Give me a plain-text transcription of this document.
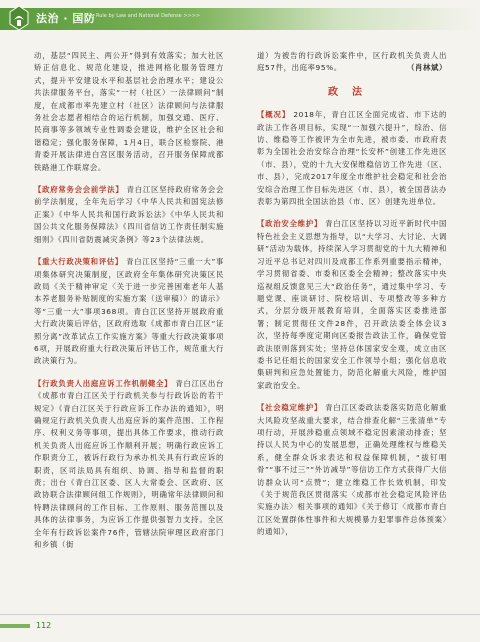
法治 · 国防 Rule by Law and National Defense >>>>

动，基层“四民主、两公开”得到有效落实；加大社区矫正信息化、规范化建设，推进网格化服务管理方式，提升平安建设水平和基层社会治理水平；建设公共法律服务平台，落实“一村（社区）一法律顾问”制度，在成都市率先建立村（社区）法律顾问与法律服务社会志愿者相结合的运行机制，加强交通、医疗、民商事等多领域专业性调委会建设，维护全区社会和谐稳定；强化服务保障，1月4日，联合区检察院、港青委开展法律进白宫区服务活动，召开服务保障成都铁路港工作联席会。

【 政府常务会会前学法 】 青白江区坚持政府常务会会前学法制度，全年先后学习《中华人民共和国宪法修正案》《中华人民共和国行政诉讼法》《中华人民共和国公共文化服务保障法》《四川省信访工作责任制实施细则》《四川省防震减灾条例》等23个法律法规。

【 重大行政决策和评估 】 青白江区坚持“三重一大”事项集体研究决策制度，区政府全年集体研究决策区民政局《关于精神审定〈关于进一步完善困难老年人基本养老服务补贴制度的实施方案（送审稿）〉的请示》等“三重一大”事项368项。青白江区坚持开展政府重大行政决策后评估，区政府选取《成都市青白江区“证照分离”改革试点工作实施方案》等重大行政决策事项6项，开展政府重大行政决策后评估工作，规范重大行政决策行为。

【 行政负责人出庭应诉工作机制健全 】 青白江区出台《成都市青白江区关于行政机关参与行政诉讼的若干规定》《青白江区关于行政应诉工作办法的通知》，明确规定行政机关负责人出庭应诉的案件范围、工作程序、权利义务等事项，提出具体工作要求，推动行政机关负责人出庭应诉工作顺利开展；明确行政应诉工作职责分工，被诉行政行为承办机关具有行政应诉的职责，区司法局具有组织、协调、指导和监督的职责；出台《青白江区委、区人大常委会、区政府、区政协联合法律顾问组工作规则》，明确常年法律顾问和特聘法律顾问的工作目标、工作原则、服务范围以及具体的法律事务，为应诉工作提供强智力支持。全区全年有行政诉讼案件76件，管辖法院审理区政府部门和乡镇（街

道）为被告的行政诉讼案件中，区行政机关负责人出庭57件，出庭率95%。	（肖林斌）

政法

【 概况 】 2018年，青白江区全面完成省、市下达的政法工作各项目标，实现“一加强六提升”，综治、信访、维稳等工作被评为全市先进，被市委、市政府表彰为全国社会治安综合治理“长安杯”创建工作先进区（市、县），党的十九大安保维稳信访工作先进（区、市、县），完成2017年度全市维护社会稳定和社会治安综合治理工作目标先进区（市、县），被全国普法办表彰为第四批全国法治县（市、区）创建先进单位。

【 政治安全维护 】 青白江区坚持以习近平新时代中国特色社会主义思想为指导，以“大学习、大讨论、大调研”活动为载体，持续深入学习贯彻党的十九大精神和习近平总书记对四川及成都工作系列重要指示精神，学习贯彻省委、市委和区委全会精神；整改落实中央巡视组反馈意见三大“政治任务”，通过集中学习、专题党课、座谈研讨、院校培训、专项整改等多种方式，分层分级开展教育培训，全面落实区委推进部署；制定贯彻任文件28件，召开政法委全体会议3次，坚持每季度定期向区委报告政法工作，确保党管政法原则落到实处；坚持总体国家安全观，成立由区委书记任组长的国家安全工作领导小组；强化信息收集研判和应急处置能力，防范化解重大风险，维护国家政治安全。

【 社会稳定维护 】 青白江区委政法委落实防范化解重大风险攻坚战重大要求，结合排查化解“三张清单”专项行动，开展涉稳重点领域不稳定因素滚动排查；坚持以人民为中心的发展思想，正确处理维权与维稳关系，健全群众诉求表达和权益保障机制，“拔钉唱骨”“事不过三”“外访减导”等信访工作方式获得广大信访群众认可“点赞”；建立维稳工作长效机制，印发《关于规范我区贯彻落实〈成都市社会稳定风险评估实施办法〉相关事项的通知》《关于修订〈成都市青白江区处置群体性事件和大规模暴力犯罪事件总体预案〉的通知》，

112
